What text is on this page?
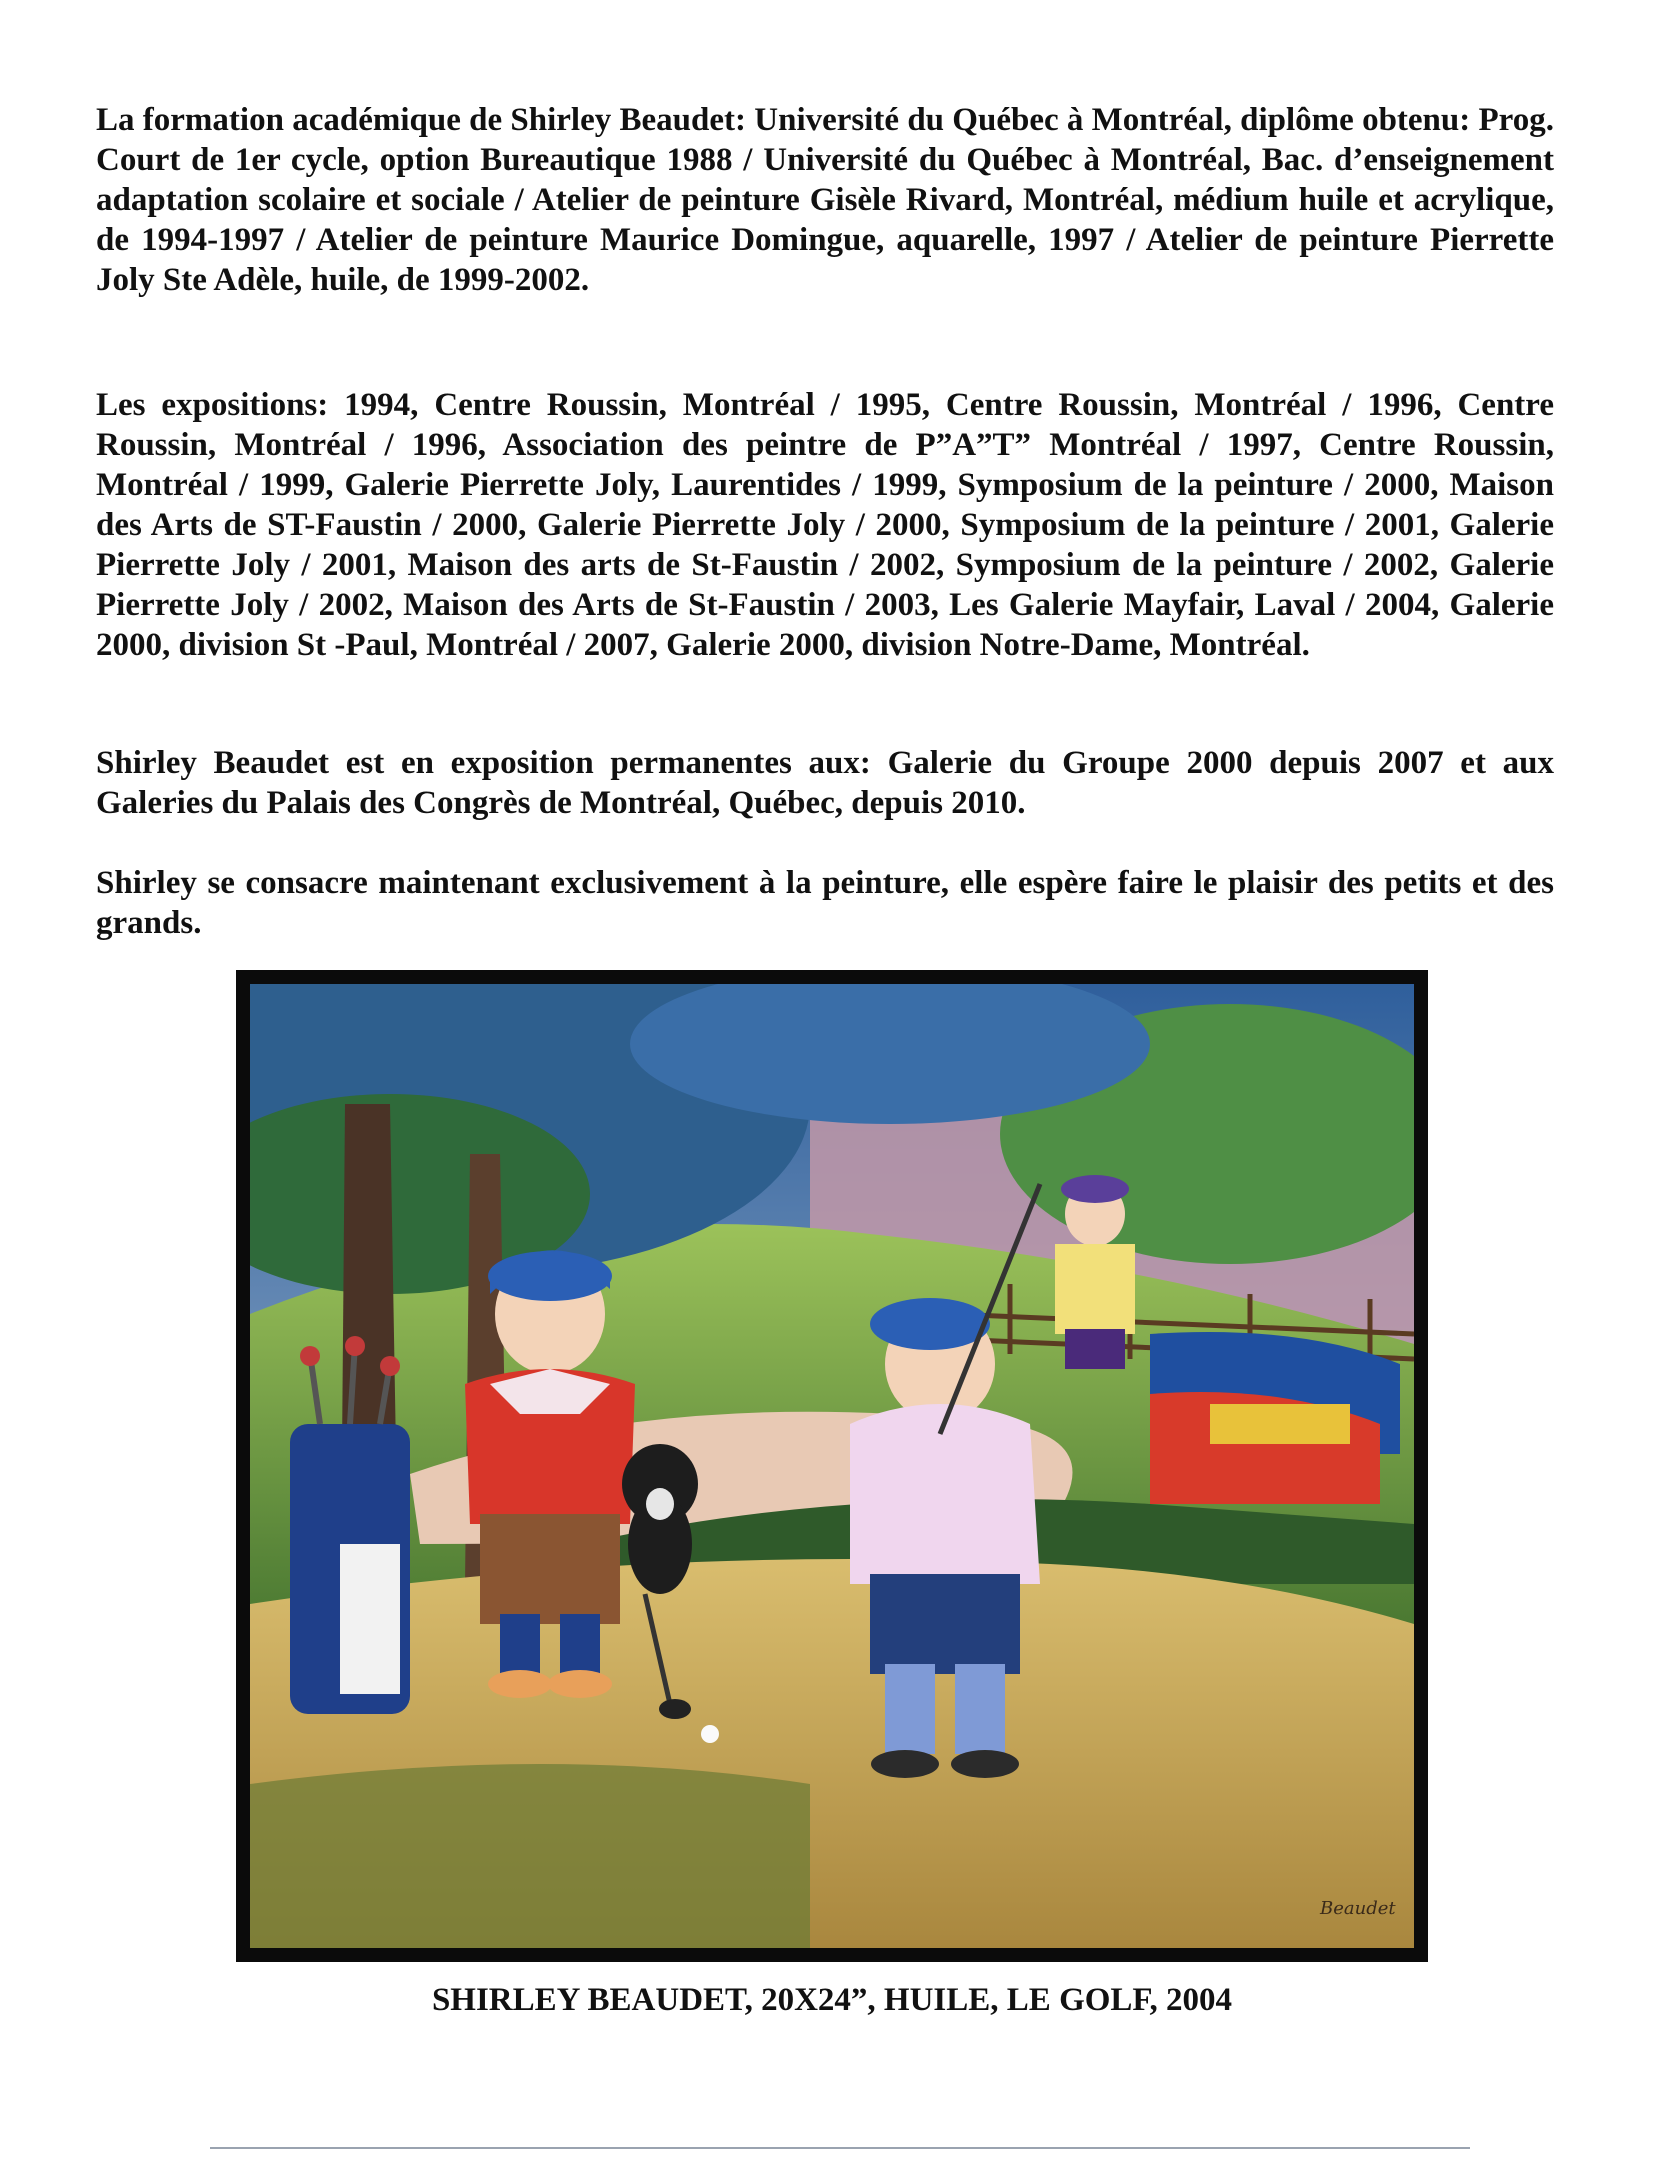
La formation académique de Shirley Beaudet: Université du Québec à Montréal, diplôme obtenu: Prog. Court de 1er cycle, option Bureautique 1988 / Université du Québec à Montréal, Bac. d’enseignement adaptation scolaire et sociale / Atelier de peinture Gisèle Rivard, Montréal, médium huile et acrylique, de 1994-1997 / Atelier de peinture Maurice Domingue, aquarelle, 1997 / Atelier de peinture Pierrette Joly Ste Adèle, huile, de 1999-2002.

Les expositions: 1994, Centre Roussin, Montréal / 1995, Centre Roussin, Montréal / 1996, Centre Roussin, Montréal / 1996, Association des peintre de P”A”T” Montréal / 1997, Centre Roussin, Montréal / 1999, Galerie Pierrette Joly, Laurentides / 1999, Symposium de la peinture / 2000, Maison des Arts de ST-Faustin / 2000, Galerie Pierrette Joly / 2000, Symposium de la peinture / 2001, Galerie Pierrette Joly / 2001, Maison des arts de St-Faustin / 2002, Symposium de la peinture / 2002, Galerie Pierrette Joly / 2002, Maison des Arts de St-Faustin / 2003, Les Galerie Mayfair, Laval / 2004, Galerie 2000, division St -Paul, Montréal / 2007, Galerie 2000, division Notre-Dame, Montréal.

Shirley Beaudet est en exposition permanentes aux: Galerie du Groupe 2000 depuis 2007 et aux Galeries du Palais des Congrès de Montréal, Québec, depuis 2010.

Shirley se consacre maintenant exclusivement à la peinture, elle espère faire le plaisir des petits et des grands.

Beaudet

SHIRLEY BEAUDET, 20X24”, HUILE, LE GOLF, 2004
